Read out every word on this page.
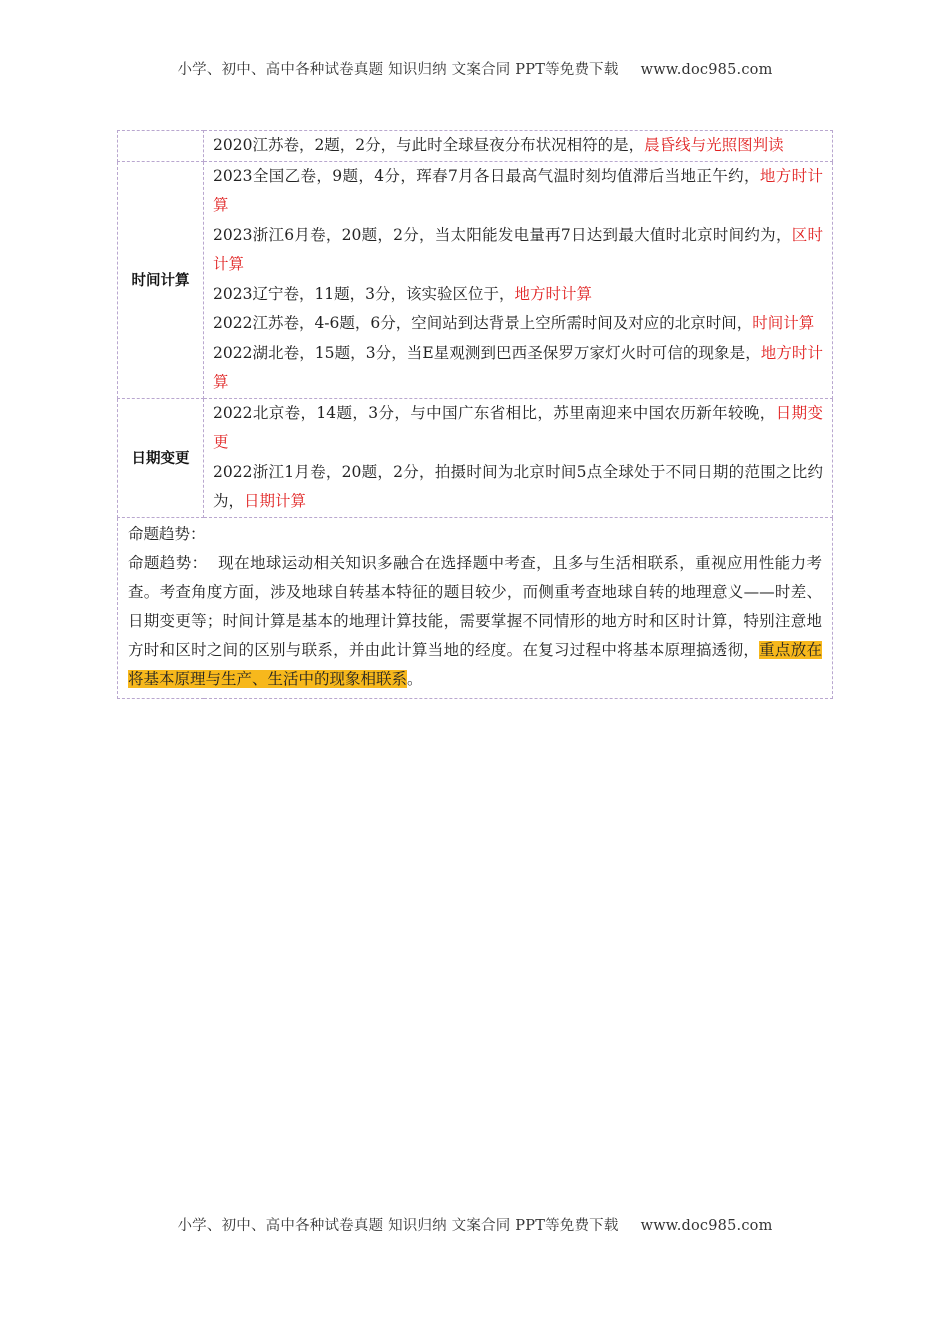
小学、初中、高中各种试卷真题 知识归纳 文案合同 PPT等免费下载 www.doc985.com

	2020江苏卷，2题，2分，与此时全球昼夜分布状况相符的是，晨昏线与光照图判读

时间计算	2023全国乙卷，9题，4分，珲春7月各日最高气温时刻均值滞后当地正午约，地方时计算
2023浙江6月卷，20题，2分，当太阳能发电量再7日达到最大值时北京时间约为，区时计算
2023辽宁卷，11题，3分，该实验区位于，地方时计算
2022江苏卷，4-6题，6分，空间站到达背景上空所需时间及对应的北京时间，时间计算
2022湖北卷，15题，3分，当E星观测到巴西圣保罗万家灯火时可信的现象是，地方时计算

日期变更	2022北京卷，14题，3分，与中国广东省相比，苏里南迎来中国农历新年较晚，日期变更
2022浙江1月卷，20题，2分，拍摄时间为北京时间5点全球处于不同日期的范围之比约为，日期计算

命题趋势：
命题趋势： 现在地球运动相关知识多融合在选择题中考查，且多与生活相联系，重视应用性能力考查。考查角度方面，涉及地球自转基本特征的题目较少，而侧重考查地球自转的地理意义——时差、日期变更等；时间计算是基本的地理计算技能，需要掌握不同情形的地方时和区时计算，特别注意地方时和区时之间的区别与联系，并由此计算当地的经度。在复习过程中将基本原理搞透彻，重点放在将基本原理与生产、生活中的现象相联系。	
小学、初中、高中各种试卷真题 知识归纳 文案合同 PPT等免费下载 www.doc985.com
